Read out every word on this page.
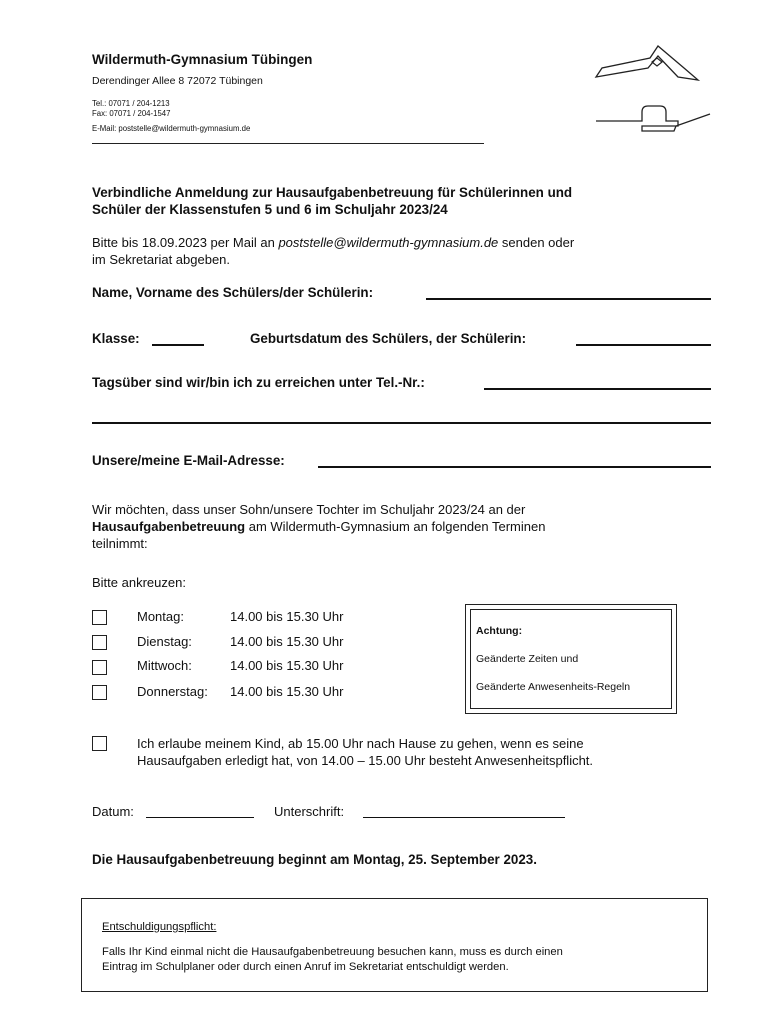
Wildermuth-Gymnasium Tübingen
Derendinger Allee 8 72072 Tübingen
Tel.: 07071 / 204-1213
Fax: 07071 / 204-1547
E-Mail: poststelle@wildermuth-gymnasium.de
Verbindliche Anmeldung zur Hausaufgabenbetreuung für Schülerinnen und
Schüler der Klassenstufen 5 und 6 im Schuljahr 2023/24
Bitte bis 18.09.2023 per Mail an poststelle@wildermuth-gymnasium.de senden oder
im Sekretariat abgeben.
Name, Vorname des Schülers/der Schülerin:
Klasse:	Geburtsdatum des Schülers, der Schülerin:
Tagsüber sind wir/bin ich zu erreichen unter Tel.-Nr.:
Unsere/meine E-Mail-Adresse:
Wir möchten, dass unser Sohn/unsere Tochter im Schuljahr 2023/24 an der
Hausaufgabenbetreuung am Wildermuth-Gymnasium an folgenden Terminen
teilnimmt:
Bitte ankreuzen:
Montag:	14.00 bis 15.30 Uhr
Dienstag:	14.00 bis 15.30 Uhr
Mittwoch:	14.00 bis 15.30 Uhr
Donnerstag: 14.00 bis 15.30 Uhr
Achtung:
Geänderte Zeiten und
Geänderte Anwesenheits-Regeln
Ich erlaube meinem Kind, ab 15.00 Uhr nach Hause zu gehen, wenn es seine
Hausaufgaben erledigt hat, von 14.00 – 15.00 Uhr besteht Anwesenheitspflicht.
Datum:	Unterschrift:
Die Hausaufgabenbetreuung beginnt am Montag, 25. September 2023.
Entschuldigungspflicht:
Falls Ihr Kind einmal nicht die Hausaufgabenbetreuung besuchen kann, muss es durch einen
Eintrag im Schulplaner oder durch einen Anruf im Sekretariat entschuldigt werden.
